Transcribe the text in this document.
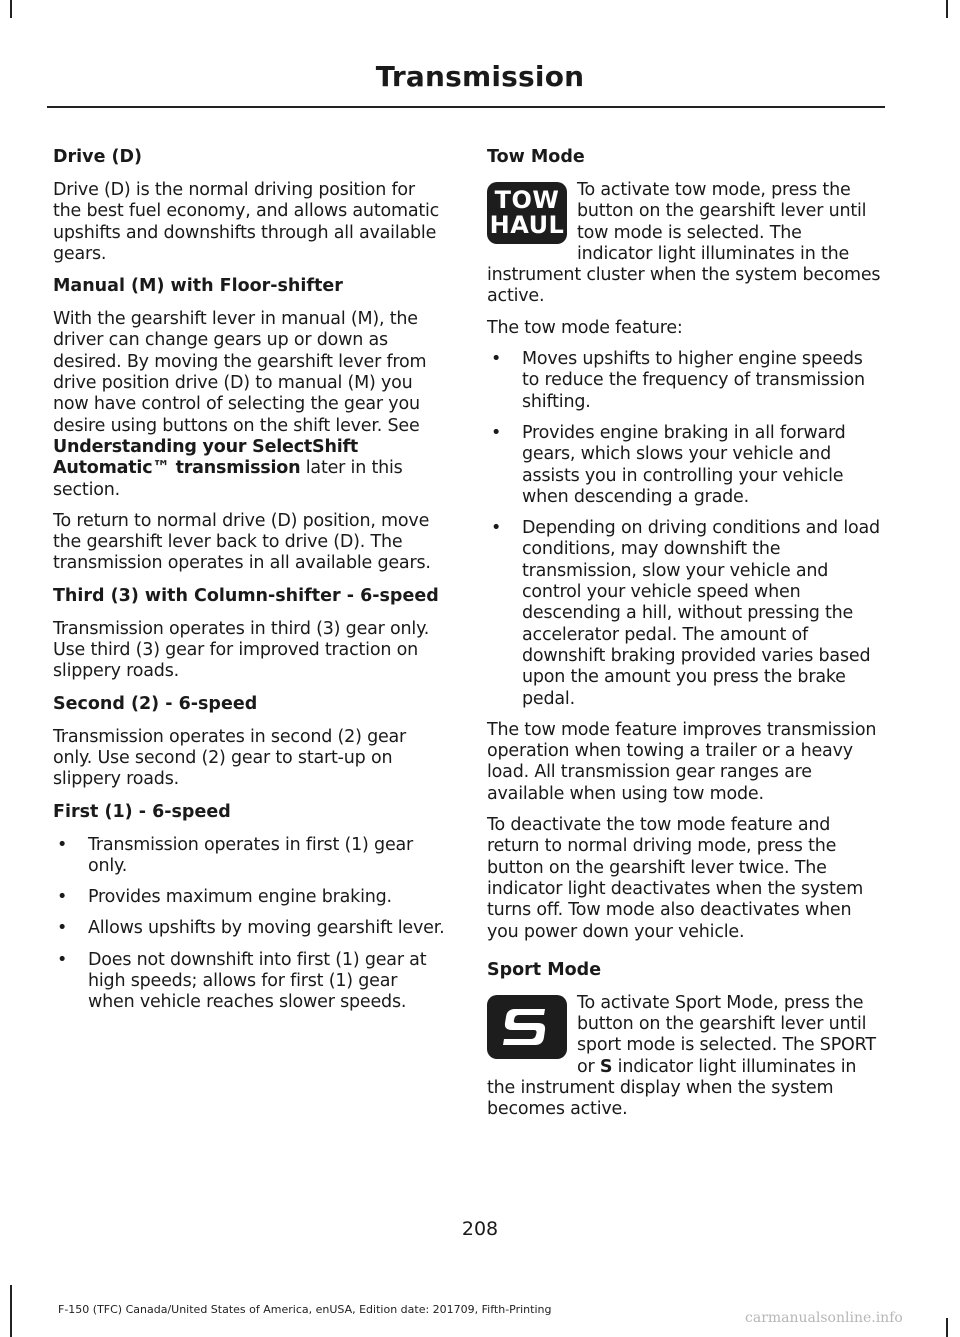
Transmission
Drive (D)

Drive (D) is the normal driving position for the best fuel economy, and allows automatic upshifts and downshifts through all available gears.

Manual (M) with Floor-shifter

With the gearshift lever in manual (M), the driver can change gears up or down as desired. By moving the gearshift lever from drive position drive (D) to manual (M) you now have control of selecting the gear you desire using buttons on the shift lever. See Understanding your SelectShift Automatic™ transmission later in this section.

To return to normal drive (D) position, move the gearshift lever back to drive (D). The transmission operates in all available gears.

Third (3) with Column-shifter - 6-speed

Transmission operates in third (3) gear only. Use third (3) gear for improved traction on slippery roads.

Second (2) - 6-speed

Transmission operates in second (2) gear only. Use second (2) gear to start-up on slippery roads.

First (1) - 6-speed
• Transmission operates in first (1) gear only.
• Provides maximum engine braking.
• Allows upshifts by moving gearshift lever.
• Does not downshift into first (1) gear at high speeds; allows for first (1) gear when vehicle reaches slower speeds.
Tow Mode
TOW
HAUL

To activate tow mode, press the button on the gearshift lever until tow mode is selected. The indicator light illuminates in the instrument cluster when the system becomes active.

The tow mode feature:

• Moves upshifts to higher engine speeds to reduce the frequency of transmission shifting.
• Provides engine braking in all forward gears, which slows your vehicle and assists you in controlling your vehicle when descending a grade.
• Depending on driving conditions and load conditions, may downshift the transmission, slow your vehicle and control your vehicle speed when descending a hill, without pressing the accelerator pedal. The amount of downshift braking provided varies based upon the amount you press the brake pedal.

The tow mode feature improves transmission operation when towing a trailer or a heavy load. All transmission gear ranges are available when using tow mode.

To deactivate the tow mode feature and return to normal driving mode, press the button on the gearshift lever twice. The indicator light deactivates when the system turns off. Tow mode also deactivates when you power down your vehicle.

Sport Mode

To activate Sport Mode, press the button on the gearshift lever until sport mode is selected. The SPORT or S indicator light illuminates in the instrument display when the system becomes active.

208
F-150 (TFC) Canada/United States of America, enUSA, Edition date: 201709, Fifth-Printing
carmanualsonline.info
